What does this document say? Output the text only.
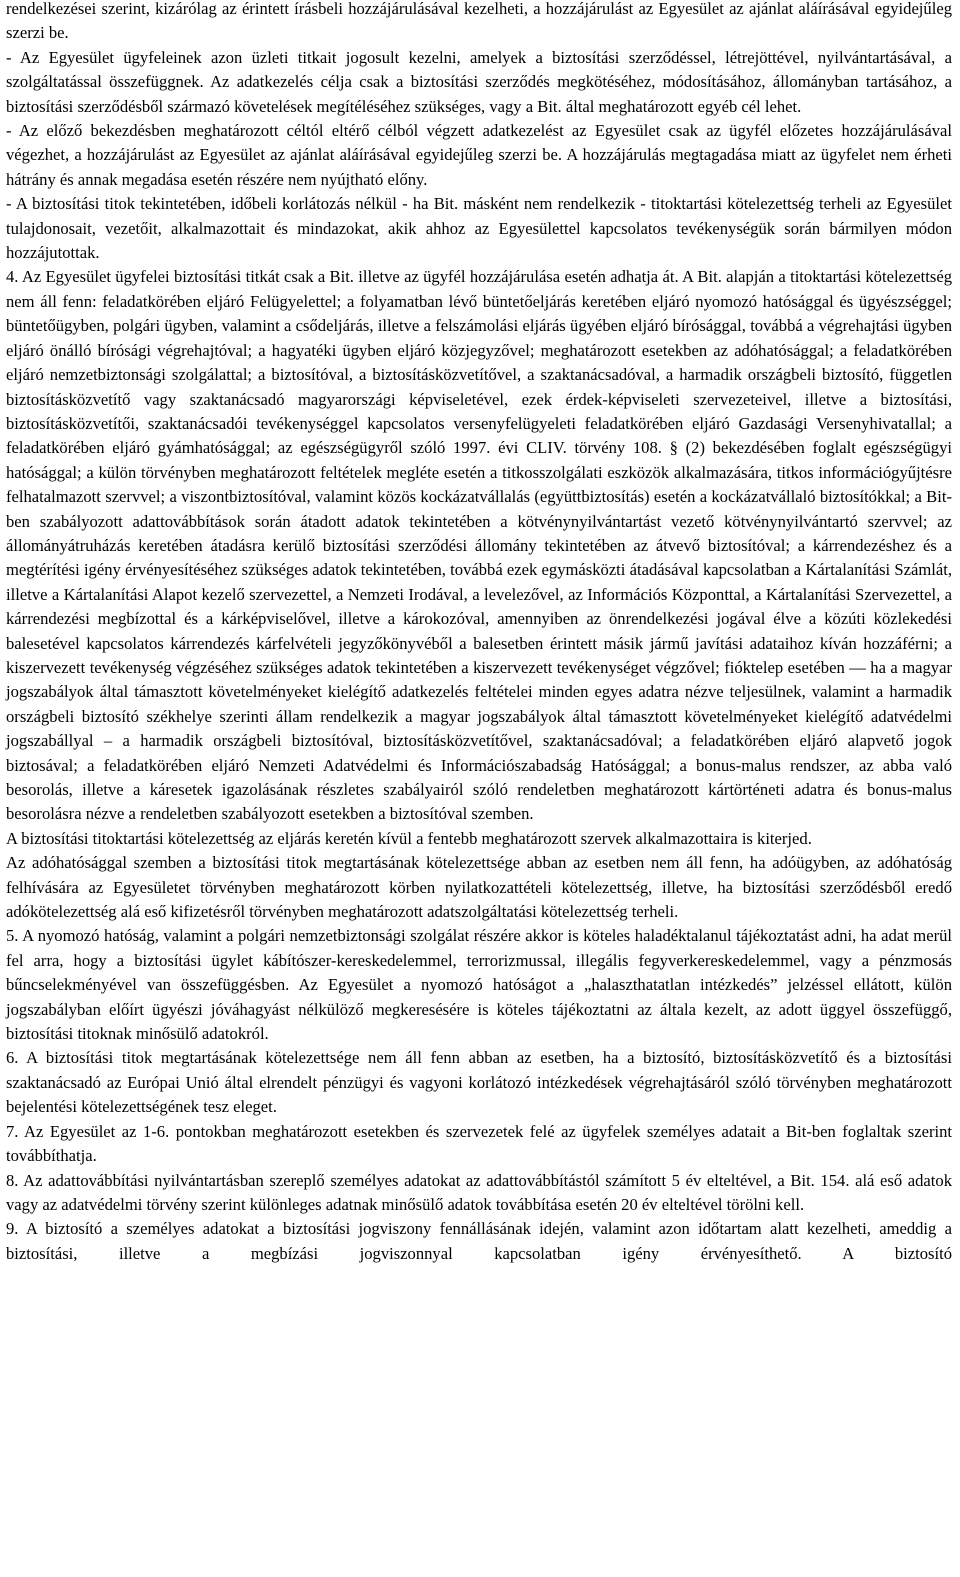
rendelkezései szerint, kizárólag az érintett írásbeli hozzájárulásával kezelheti, a hozzájárulást az Egyesület az ajánlat aláírásával egyidejűleg szerzi be.

- Az Egyesület ügyfeleinek azon üzleti titkait jogosult kezelni, amelyek a biztosítási szerződéssel, létrejöttével, nyilvántartásával, a szolgáltatással összefüggnek. Az adatkezelés célja csak a biztosítási szerződés megkötéséhez, módosításához, állományban tartásához, a biztosítási szerződésből származó követelések megítéléséhez szükséges, vagy a Bit. által meghatározott egyéb cél lehet.

- Az előző bekezdésben meghatározott céltól eltérő célból végzett adatkezelést az Egyesület csak az ügyfél előzetes hozzájárulásával végezhet, a hozzájárulást az Egyesület az ajánlat aláírásával egyidejűleg szerzi be. A hozzájárulás megtagadása miatt az ügyfelet nem érheti hátrány és annak megadása esetén részére nem nyújtható előny.

- A biztosítási titok tekintetében, időbeli korlátozás nélkül - ha Bit. másként nem rendelkezik - titoktartási kötelezettség terheli az Egyesület tulajdonosait, vezetőit, alkalmazottait és mindazokat, akik ahhoz az Egyesülettel kapcsolatos tevékenységük során bármilyen módon hozzájutottak.

4. Az Egyesület ügyfelei biztosítási titkát csak a Bit. illetve az ügyfél hozzájárulása esetén adhatja át. A Bit. alapján a titoktartási kötelezettség nem áll fenn: feladatkörében eljáró Felügyelettel; a folyamatban lévő büntetőeljárás keretében eljáró nyomozó hatósággal és ügyészséggel; büntetőügyben, polgári ügyben, valamint a csődeljárás, illetve a felszámolási eljárás ügyében eljáró bírósággal, továbbá a végrehajtási ügyben eljáró önálló bírósági végrehajtóval; a hagyatéki ügyben eljáró közjegyzővel; meghatározott esetekben az adóhatósággal; a feladatkörében eljáró nemzetbiztonsági szolgálattal; a biztosítóval, a biztosításközvetítővel, a szaktanácsadóval, a harmadik országbeli biztosító, független biztosításközvetítő vagy szaktanácsadó magyarországi képviseletével, ezek érdek-képviseleti szervezeteivel, illetve a biztosítási, biztosításközvetítői, szaktanácsadói tevékenységgel kapcsolatos versenyfelügyeleti feladatkörében eljáró Gazdasági Versenyhivatallal; a feladatkörében eljáró gyámhatósággal; az egészségügyről szóló 1997. évi CLIV. törvény 108. § (2) bekezdésében foglalt egészségügyi hatósággal; a külön törvényben meghatározott feltételek megléte esetén a titkosszolgálati eszközök alkalmazására, titkos információgyűjtésre felhatalmazott szervvel; a viszontbiztosítóval, valamint közös kockázatvállalás (együttbiztosítás) esetén a kockázatvállaló biztosítókkal; a Bit-ben szabályozott adattovábbítások során átadott adatok tekintetében a kötvénynyilvántartást vezető kötvénynyilvántartó szervvel; az állományátruházás keretében átadásra kerülő biztosítási szerződési állomány tekintetében az átvevő biztosítóval; a kárrendezéshez és a megtérítési igény érvényesítéséhez szükséges adatok tekintetében, továbbá ezek egymásközti átadásával kapcsolatban a Kártalanítási Számlát, illetve a Kártalanítási Alapot kezelő szervezettel, a Nemzeti Irodával, a levelezővel, az Információs Központtal, a Kártalanítási Szervezettel, a kárrendezési megbízottal és a kárképviselővel, illetve a károkozóval, amennyiben az önrendelkezési jogával élve a közúti közlekedési balesetével kapcsolatos kárrendezés kárfelvételi jegyzőkönyvéből a balesetben érintett másik jármű javítási adataihoz kíván hozzáférni; a kiszervezett tevékenység végzéséhez szükséges adatok tekintetében a kiszervezett tevékenységet végzővel; fióktelep esetében — ha a magyar jogszabályok által támasztott követelményeket kielégítő adatkezelés feltételei minden egyes adatra nézve teljesülnek, valamint a harmadik országbeli biztosító székhelye szerinti állam rendelkezik a magyar jogszabályok által támasztott követelményeket kielégítő adatvédelmi jogszabállyal – a harmadik országbeli biztosítóval, biztosításközvetítővel, szaktanácsadóval; a feladatkörében eljáró alapvető jogok biztosával; a feladatkörében eljáró Nemzeti Adatvédelmi és Információszabadság Hatósággal; a bonus-malus rendszer, az abba való besorolás, illetve a káresetek igazolásának részletes szabályairól szóló rendeletben meghatározott kártörténeti adatra és bonus-malus besorolásra nézve a rendeletben szabályozott esetekben a biztosítóval szemben.

A biztosítási titoktartási kötelezettség az eljárás keretén kívül a fentebb meghatározott szervek alkalmazottaira is kiterjed.

Az adóhatósággal szemben a biztosítási titok megtartásának kötelezettsége abban az esetben nem áll fenn, ha adóügyben, az adóhatóság felhívására az Egyesületet törvényben meghatározott körben nyilatkozattételi kötelezettség, illetve, ha biztosítási szerződésből eredő adókötelezettség alá eső kifizetésről törvényben meghatározott adatszolgáltatási kötelezettség terheli.

5. A nyomozó hatóság, valamint a polgári nemzetbiztonsági szolgálat részére akkor is köteles haladéktalanul tájékoztatást adni, ha adat merül fel arra, hogy a biztosítási ügylet kábítószer-kereskedelemmel, terrorizmussal, illegális fegyverkereskedelemmel, vagy a pénzmosás bűncselekményével van összefüggésben. Az Egyesület a nyomozó hatóságot a „halaszthatatlan intézkedés” jelzéssel ellátott, külön jogszabályban előírt ügyészi jóváhagyást nélkülöző megkeresésére is köteles tájékoztatni az általa kezelt, az adott üggyel összefüggő, biztosítási titoknak minősülő adatokról.

6. A biztosítási titok megtartásának kötelezettsége nem áll fenn abban az esetben, ha a biztosító, biztosításközvetítő és a biztosítási szaktanácsadó az Európai Unió által elrendelt pénzügyi és vagyoni korlátozó intézkedések végrehajtásáról szóló törvényben meghatározott bejelentési kötelezettségének tesz eleget.

7. Az Egyesület az 1-6. pontokban meghatározott esetekben és szervezetek felé az ügyfelek személyes adatait a Bit-ben foglaltak szerint továbbíthatja.

8. Az adattovábbítási nyilvántartásban szereplő személyes adatokat az adattovábbítástól számított 5 év elteltével, a Bit. 154. alá eső adatok vagy az adatvédelmi törvény szerint különleges adatnak minősülő adatok továbbítása esetén 20 év elteltével törölni kell.

9. A biztosító a személyes adatokat a biztosítási jogviszony fennállásának idején, valamint azon időtartam alatt kezelheti, ameddig a biztosítási, illetve a megbízási jogviszonnyal kapcsolatban igény érvényesíthető. A biztosító
